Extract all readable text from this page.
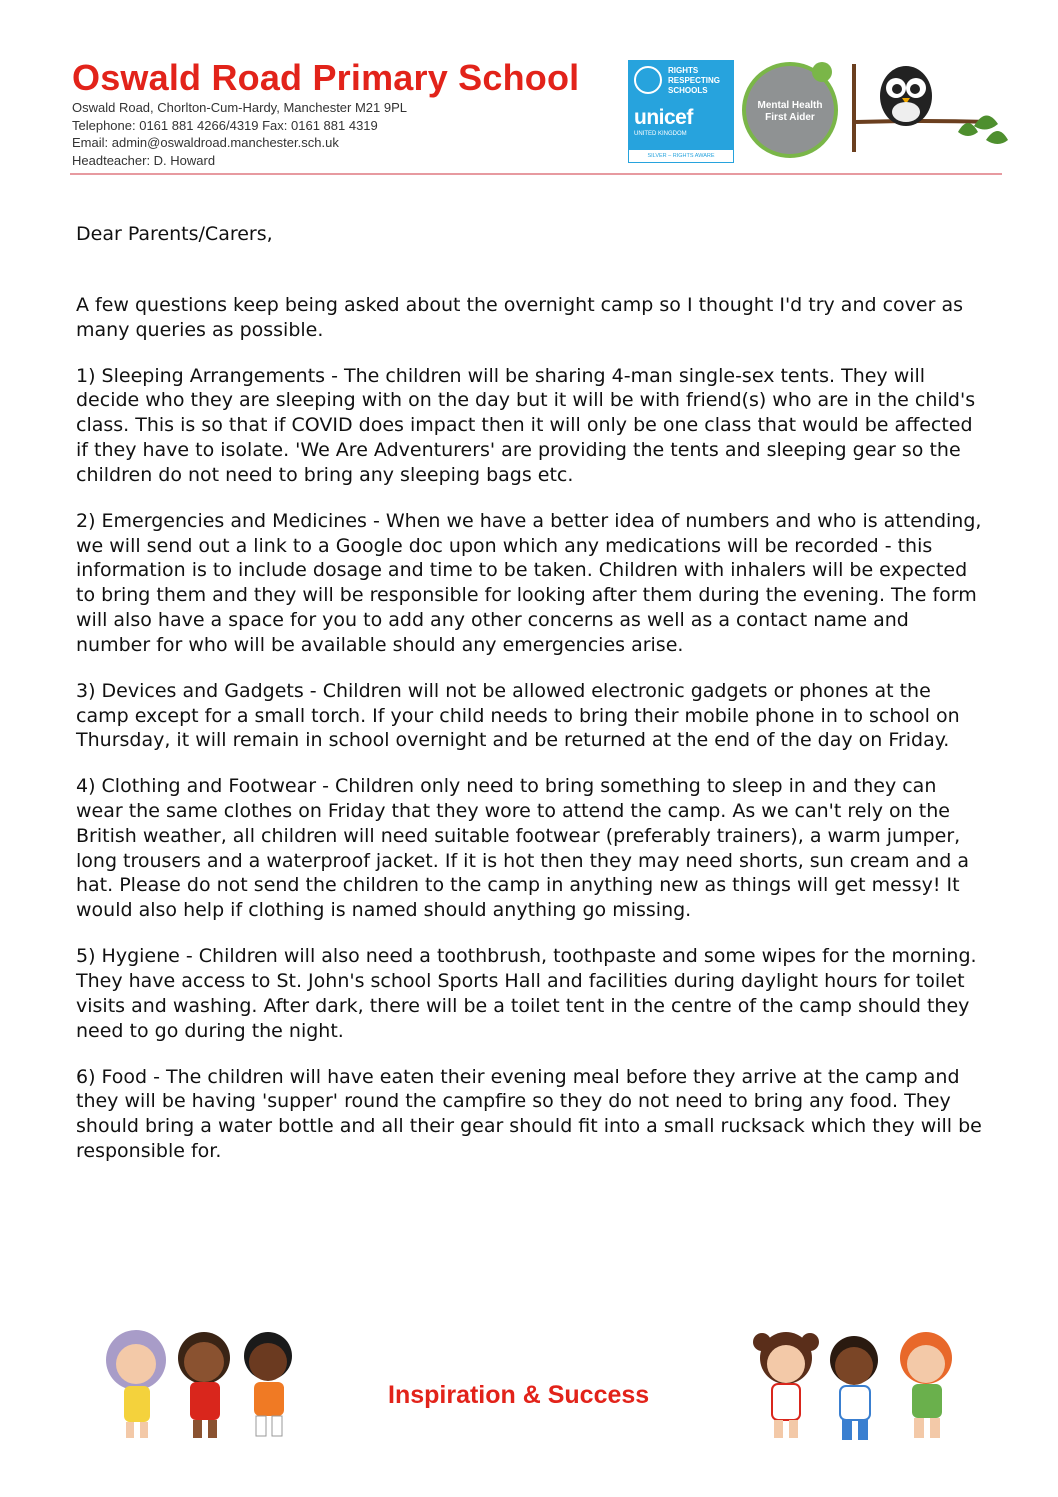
Oswald Road Primary School
Oswald Road, Chorlton-Cum-Hardy, Manchester M21 9PL
Telephone: 0161 881 4266/4319 Fax: 0161 881 4319
Email: admin@oswaldroad.manchester.sch.uk
Headteacher: D. Howard
RIGHTS RESPECTING SCHOOLS
unicef
UNITED KINGDOM
SILVER – RIGHTS AWARE
Mental Health First Aider

Dear Parents/Carers,

A few questions keep being asked about the overnight camp so I thought I'd try and cover as many queries as possible.

1) Sleeping Arrangements - The children will be sharing 4-man single-sex tents. They will decide who they are sleeping with on the day but it will be with friend(s) who are in the child's class. This is so that if COVID does impact then it will only be one class that would be affected if they have to isolate. 'We Are Adventurers' are providing the tents and sleeping gear so the children do not need to bring any sleeping bags etc.

2) Emergencies and Medicines - When we have a better idea of numbers and who is attending, we will send out a link to a Google doc upon which any medications will be recorded - this information is to include dosage and time to be taken. Children with inhalers will be expected to bring them and they will be responsible for looking after them during the evening. The form will also have a space for you to add any other concerns as well as a contact name and number for who will be available should any emergencies arise.

3) Devices and Gadgets - Children will not be allowed electronic gadgets or phones at the camp except for a small torch. If your child needs to bring their mobile phone in to school on Thursday, it will remain in school overnight and be returned at the end of the day on Friday.

4) Clothing and Footwear - Children only need to bring something to sleep in and they can wear the same clothes on Friday that they wore to attend the camp. As we can't rely on the British weather, all children will need suitable footwear (preferably trainers), a warm jumper, long trousers and a waterproof jacket. If it is hot then they may need shorts, sun cream and a hat. Please do not send the children to the camp in anything new as things will get messy! It would also help if clothing is named should anything go missing.

5) Hygiene - Children will also need a toothbrush, toothpaste and some wipes for the morning. They have access to St. John's school Sports Hall and facilities during daylight hours for toilet visits and washing. After dark, there will be a toilet tent in the centre of the camp should they need to go during the night.

6) Food - The children will have eaten their evening meal before they arrive at the camp and they will be having 'supper' round the campfire so they do not need to bring any food. They should bring a water bottle and all their gear should fit into a small rucksack which they will be responsible for.

Inspiration & Success
